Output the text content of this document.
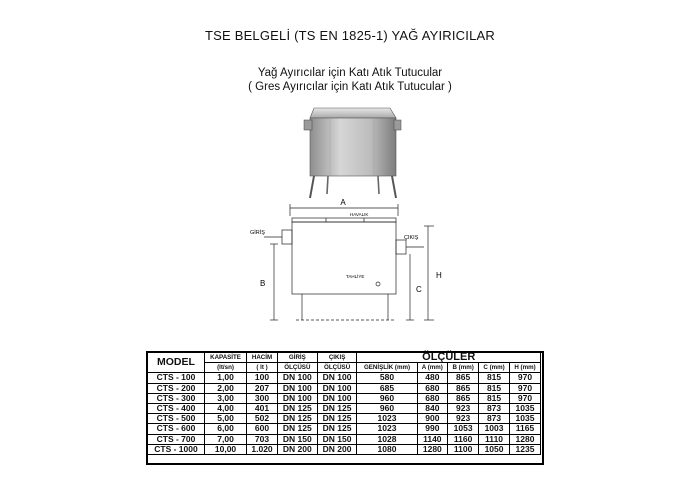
TSE BELGELİ (TS EN 1825-1) YAĞ AYIRICILAR
Yağ Ayırıcılar için Katı Atık Tutucular
( Gres Ayırıcılar için Katı Atık Tutucular )
A
B
C
H
GİRİŞ
ÇIKIŞ
HAVALIK
TAHLİYE
MODEL	KAPASİTE	HACİM	GİRİŞ	ÇIKIŞ	ÖLÇÜLER				
	(lt/sn)	( lt )	ÖLÇÜSÜ	ÖLÇÜSÜ	GENİŞLİK (mm)	A (mm)	B (mm)	C (mm)	H (mm)
CTS - 100	1,00	100	DN 100	DN 100	580	480	865	815	970
CTS - 200	2,00	207	DN 100	DN 100	685	680	865	815	970
CTS - 300	3,00	300	DN 100	DN 100	960	680	865	815	970
CTS - 400	4,00	401	DN 125	DN 125	960	840	923	873	1035
CTS - 500	5,00	502	DN 125	DN 125	1023	900	923	873	1035
CTS - 600	6,00	600	DN 125	DN 125	1023	990	1053	1003	1165
CTS - 700	7,00	703	DN 150	DN 150	1028	1140	1160	1110	1280
CTS - 1000	10,00	1.020	DN 200	DN 200	1080	1280	1100	1050	1235
